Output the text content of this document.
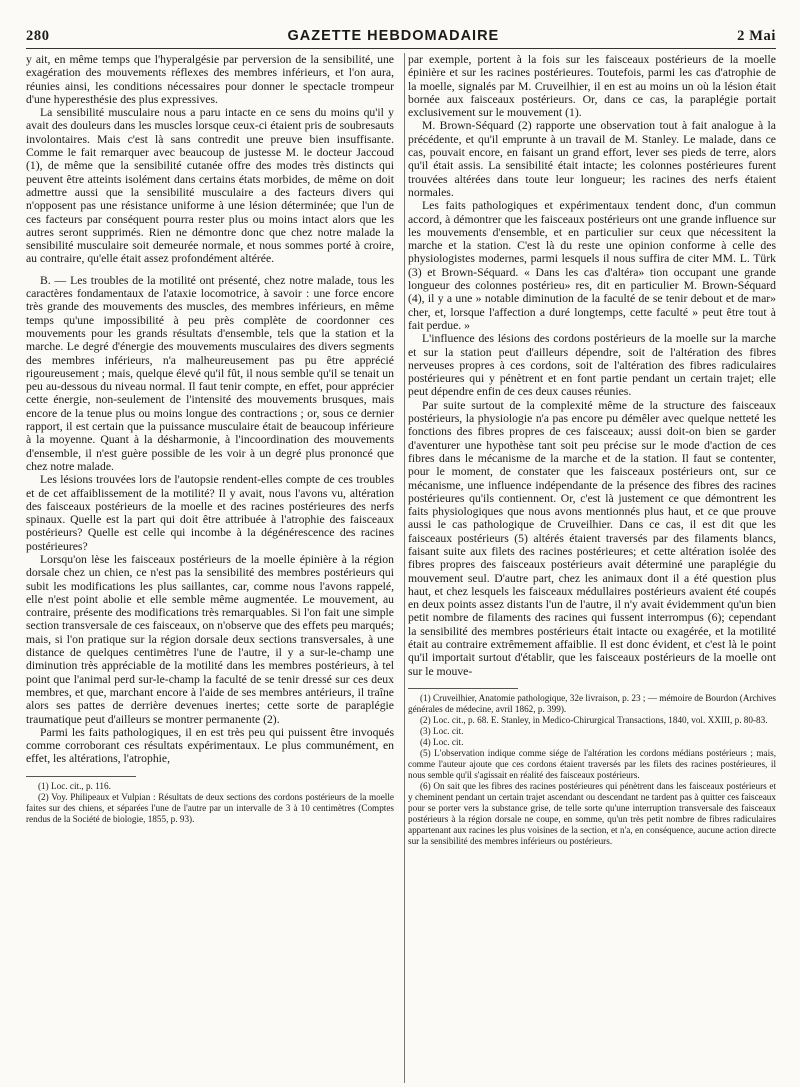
280	GAZETTE HEBDOMADAIRE	2 Mai

y ait, en même temps que l'hyperalgésie par perversion de la sensibilité, une exagération des mouvements réflexes des membres inférieurs, et l'on aura, réunies ainsi, les conditions nécessaires pour donner le spectacle trompeur d'une hyperesthésie des plus expressives.

La sensibilité musculaire nous a paru intacte en ce sens du moins qu'il y avait des douleurs dans les muscles lorsque ceux-ci étaient pris de soubresauts involontaires. Mais c'est là sans contredit une preuve bien insuffisante. Comme le fait remarquer avec beaucoup de justesse M. le docteur Jaccoud (1), de même que la sensibilité cutanée offre des modes très distincts qui peuvent être atteints isolément dans certains états morbides, de même on doit admettre aussi que la sensibilité musculaire a des facteurs divers qui n'opposent pas une résistance uniforme à une lésion déterminée; que l'un de ces facteurs par conséquent pourra rester plus ou moins intact alors que les autres seront supprimés. Rien ne démontre donc que chez notre malade la sensibilité musculaire soit demeurée normale, et nous sommes porté à croire, au contraire, qu'elle était assez profondément altérée.

B. — Les troubles de la motilité ont présenté, chez notre malade, tous les caractères fondamentaux de l'ataxie locomotrice, à savoir : une force encore très grande des mouvements des muscles, des membres inférieurs, en même temps qu'une impossibilité à peu près complète de coordonner ces mouvements pour les grands résultats d'ensemble, tels que la station et la marche. Le degré d'énergie des mouvements musculaires des divers segments des membres inférieurs, n'a malheureusement pas pu être apprécié rigoureusement ; mais, quelque élevé qu'il fût, il nous semble qu'il se tenait un peu au-dessous du niveau normal. Il faut tenir compte, en effet, pour apprécier cette énergie, non-seulement de l'intensité des mouvements brusques, mais encore de la tenue plus ou moins longue des contractions ; or, sous ce dernier rapport, il est certain que la puissance musculaire était de beaucoup inférieure à la moyenne. Quant à la désharmonie, à l'incoordination des mouvements d'ensemble, il n'est guère possible de les voir à un degré plus prononcé que chez notre malade.

Les lésions trouvées lors de l'autopsie rendent-elles compte de ces troubles et de cet affaiblissement de la motilité? Il y avait, nous l'avons vu, altération des faisceaux postérieurs de la moelle et des racines postérieures des nerfs spinaux. Quelle est la part qui doit être attribuée à l'atrophie des faisceaux postérieurs? Quelle est celle qui incombe à la dégénérescence des racines postérieures?

Lorsqu'on lèse les faisceaux postérieurs de la moelle épinière à la région dorsale chez un chien, ce n'est pas la sensibilité des membres postérieurs qui subit les modifications les plus saillantes, car, comme nous l'avons rappelé, elle n'est point abolie et elle semble même augmentée. Le mouvement, au contraire, présente des modifications très remarquables. Si l'on fait une simple section transversale de ces faisceaux, on n'observe que des effets peu marqués; mais, si l'on pratique sur la région dorsale deux sections transversales, à une distance de quelques centimètres l'une de l'autre, il y a sur-le-champ une diminution très appréciable de la motilité dans les membres postérieurs, à tel point que l'animal perd sur-le-champ la faculté de se tenir dressé sur ces deux membres, et que, marchant encore à l'aide de ses membres antérieurs, il traîne alors ses pattes de derrière devenues inertes; cette sorte de paraplégie traumatique peut d'ailleurs se montrer permanente (2).

Parmi les faits pathologiques, il en est très peu qui puissent être invoqués comme corroborant ces résultats expérimentaux. Le plus communément, en effet, les altérations, l'atrophie,

(1) Loc. cit., p. 116.

(2) Voy. Philipeaux et Vulpian : Résultats de deux sections des cordons postérieurs de la moelle faites sur des chiens, et séparées l'une de l'autre par un intervalle de 3 à 10 centimètres (Comptes rendus de la Société de biologie, 1855, p. 93).

par exemple, portent à la fois sur les faisceaux postérieurs de la moelle épinière et sur les racines postérieures. Toutefois, parmi les cas d'atrophie de la moelle, signalés par M. Cruveilhier, il en est au moins un où la lésion était bornée aux faisceaux postérieurs. Or, dans ce cas, la paraplégie portait exclusivement sur le mouvement (1).

M. Brown-Séquard (2) rapporte une observation tout à fait analogue à la précédente, et qu'il emprunte à un travail de M. Stanley. Le malade, dans ce cas, pouvait encore, en faisant un grand effort, lever ses pieds de terre, alors qu'il était assis. La sensibilité était intacte; les colonnes postérieures furent trouvées altérées dans toute leur longueur; les racines des nerfs étaient normales.

Les faits pathologiques et expérimentaux tendent donc, d'un commun accord, à démontrer que les faisceaux postérieurs ont une grande influence sur les mouvements d'ensemble, et en particulier sur ceux que nécessitent la marche et la station. C'est là du reste une opinion conforme à celle des physiologistes modernes, parmi lesquels il nous suffira de citer MM. L. Türk (3) et Brown-Séquard. « Dans les cas d'altéra» tion occupant une grande longueur des colonnes postérieu» res, dit en particulier M. Brown-Séquard (4), il y a une » notable diminution de la faculté de se tenir debout et de mar» cher, et, lorsque l'affection a duré longtemps, cette faculté » peut être tout à fait perdue. »

L'influence des lésions des cordons postérieurs de la moelle sur la marche et sur la station peut d'ailleurs dépendre, soit de l'altération des fibres nerveuses propres à ces cordons, soit de l'altération des fibres radiculaires postérieures qui y pénètrent et en font partie pendant un certain trajet; elle peut dépendre enfin de ces deux causes réunies.

Par suite surtout de la complexité même de la structure des faisceaux postérieurs, la physiologie n'a pas encore pu démêler avec quelque netteté les fonctions des fibres propres de ces faisceaux; aussi doit-on bien se garder d'aventurer une hypothèse tant soit peu précise sur le mode d'action de ces fibres dans le mécanisme de la marche et de la station. Il faut se contenter, pour le moment, de constater que les faisceaux postérieurs ont, sur ce mécanisme, une influence indépendante de la présence des fibres des racines postérieures qu'ils contiennent. Or, c'est là justement ce que démontrent les faits physiologiques que nous avons mentionnés plus haut, et ce que prouve aussi le cas pathologique de Cruveilhier. Dans ce cas, il est dit que les faisceaux postérieurs (5) altérés étaient traversés par des filaments blancs, faisant suite aux filets des racines postérieures; et cette altération isolée des fibres propres des faisceaux postérieurs avait déterminé une paraplégie du mouvement seul. D'autre part, chez les animaux dont il a été question plus haut, et chez lesquels les faisceaux médullaires postérieurs avaient été coupés en deux points assez distants l'un de l'autre, il n'y avait évidemment qu'un bien petit nombre de filaments des racines qui fussent interrompus (6); cependant la sensibilité des membres postérieurs était intacte ou exagérée, et la motilité était au contraire extrêmement affaiblie. Il est donc évident, et c'est là le point qu'il importait surtout d'établir, que les faisceaux postérieurs de la moelle ont sur le mouve-

(1) Cruveilhier, Anatomie pathologique, 32e livraison, p. 23 ; — mémoire de Bourdon (Archives générales de médecine, avril 1862, p. 399).

(2) Loc. cit., p. 68. E. Stanley, in Medico-Chirurgical Transactions, 1840, vol. XXIII, p. 80-83.

(3) Loc. cit.

(4) Loc. cit.

(5) L'observation indique comme siége de l'altération les cordons médians postérieurs ; mais, comme l'auteur ajoute que ces cordons étaient traversés par les filets des racines postérieures, il nous semble qu'il s'agissait en réalité des faisceaux postérieurs.

(6) On sait que les fibres des racines postérieures qui pénètrent dans les faisceaux postérieurs et y cheminent pendant un certain trajet ascendant ou descendant ne tardent pas à quitter ces faisceaux pour se porter vers la substance grise, de telle sorte qu'une interruption transversale des faisceaux postérieurs à la région dorsale ne coupe, en somme, qu'un très petit nombre de fibres radiculaires appartenant aux racines les plus voisines de la section, et n'a, en conséquence, aucune action directe sur la sensibilité des membres inférieurs ou postérieurs.
